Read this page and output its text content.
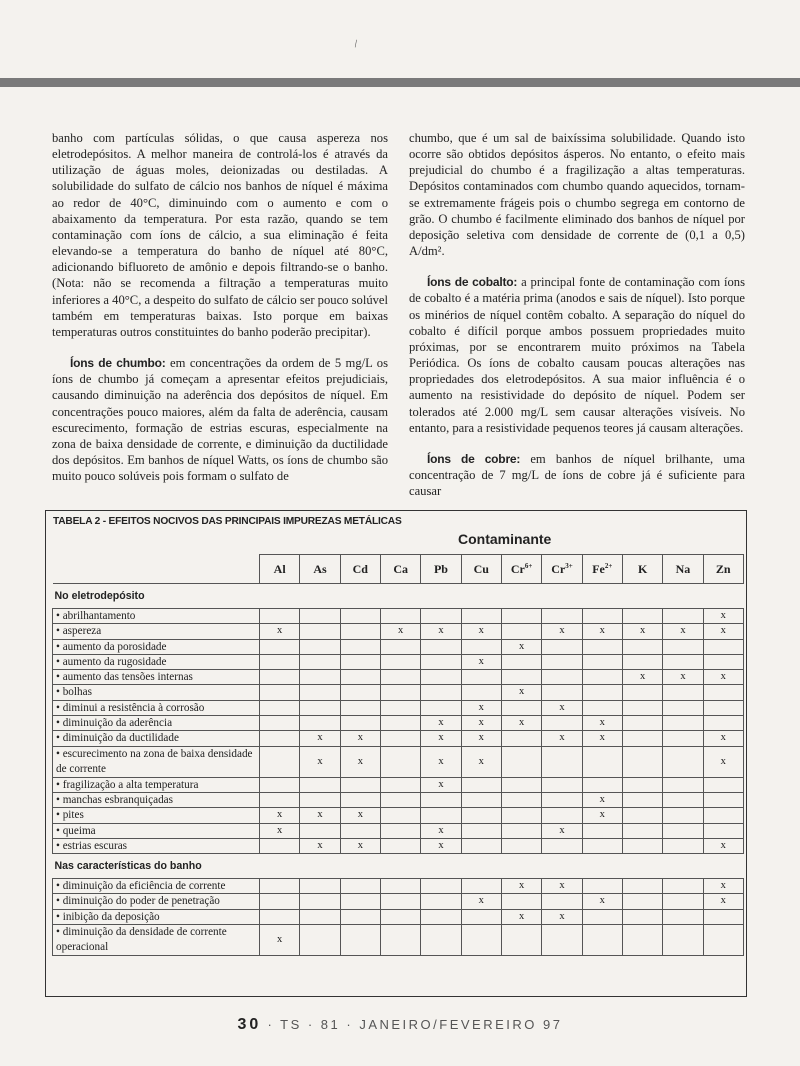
\

banho com partículas sólidas, o que causa aspereza nos eletrodepósitos. A melhor maneira de controlá-los é através da utilização de águas moles, deionizadas ou destiladas. A solubilidade do sulfato de cálcio nos banhos de níquel é máxima ao redor de 40°C, diminuindo com o aumento e com o abaixamento da temperatura. Por esta razão, quando se tem contaminação com íons de cálcio, a sua eliminação é feita elevando-se a temperatura do banho de níquel até 80°C, adicionando bifluoreto de amônio e depois filtrando-se o banho. (Nota: não se recomenda a filtração a temperaturas muito inferiores a 40°C, a despeito do sulfato de cálcio ser pouco solúvel também em temperaturas baixas. Isto porque em baixas temperaturas outros constituintes do banho poderão precipitar).

Íons de chumbo: em concentrações da ordem de 5 mg/L os íons de chumbo já começam a apresentar efeitos prejudiciais, causando diminuição na aderência dos depósitos de níquel. Em concentrações pouco maiores, além da falta de aderência, causam escurecimento, formação de estrias escuras, especialmente na zona de baixa densidade de corrente, e diminuição da ductilidade dos depósitos. Em banhos de níquel Watts, os íons de chumbo são muito pouco solúveis pois formam o sulfato de

chumbo, que é um sal de baixíssima solubilidade. Quando isto ocorre são obtidos depósitos ásperos. No entanto, o efeito mais prejudicial do chumbo é a fragilização a altas temperaturas. Depósitos contaminados com chumbo quando aquecidos, tornam-se extremamente frágeis pois o chumbo segrega em contorno de grão. O chumbo é facilmente eliminado dos banhos de níquel por deposição seletiva com densidade de corrente de (0,1 a 0,5) A/dm².

Íons de cobalto: a principal fonte de contaminação com íons de cobalto é a matéria prima (anodos e sais de níquel). Isto porque os minérios de níquel contêm cobalto. A separação do níquel do cobalto é difícil porque ambos possuem propriedades muito próximas, por se encontrarem muito próximos na Tabela Periódica. Os íons de cobalto causam poucas alterações nas propriedades dos eletrodepósitos. A sua maior influência é o aumento na resistividade do depósito de níquel. Podem ser tolerados até 2.000 mg/L sem causar alterações visíveis. No entanto, para a resistividade pequenos teores já causam alterações.

Íons de cobre: em banhos de níquel brilhante, uma concentração de 7 mg/L de íons de cobre já é suficiente para causar

TABELA 2 - EFEITOS NOCIVOS DAS PRINCIPAIS IMPUREZAS METÁLICAS
Contaminante
	Al	As	Cd	Ca	Pb	Cu	$Cr^{6+}$	$Cr^{3+}$	$Fe^{2+}$	K	Na	Zn
No eletrodepósito												
• abrilhantamento												x
• aspereza	x			x	x	x		x	x	x	x	x
• aumento da porosidade							x					
• aumento da rugosidade						x						
• aumento das tensões internas										x	x	x
• bolhas							x					
• diminui a resistência à corrosão						x		x				
• diminuição da aderência					x	x	x		x			
• diminuição da ductilidade		x	x		x	x		x	x			x
• escurecimento na zona de baixa densidade de corrente		x	x		x	x						x
• fragilização a alta temperatura					x							
• manchas esbranquiçadas									x			
• pites	x	x	x						x			
• queima	x				x			x				
• estrias escuras		x	x		x							x
Nas características do banho												
• diminuição da eficiência de corrente							x	x				x
• diminuição do poder de penetração						x			x			x
• inibição da deposição							x	x				
• diminuição da densidade de corrente operacional	x											
30 · TS · 81 · JANEIRO/FEVEREIRO 97
